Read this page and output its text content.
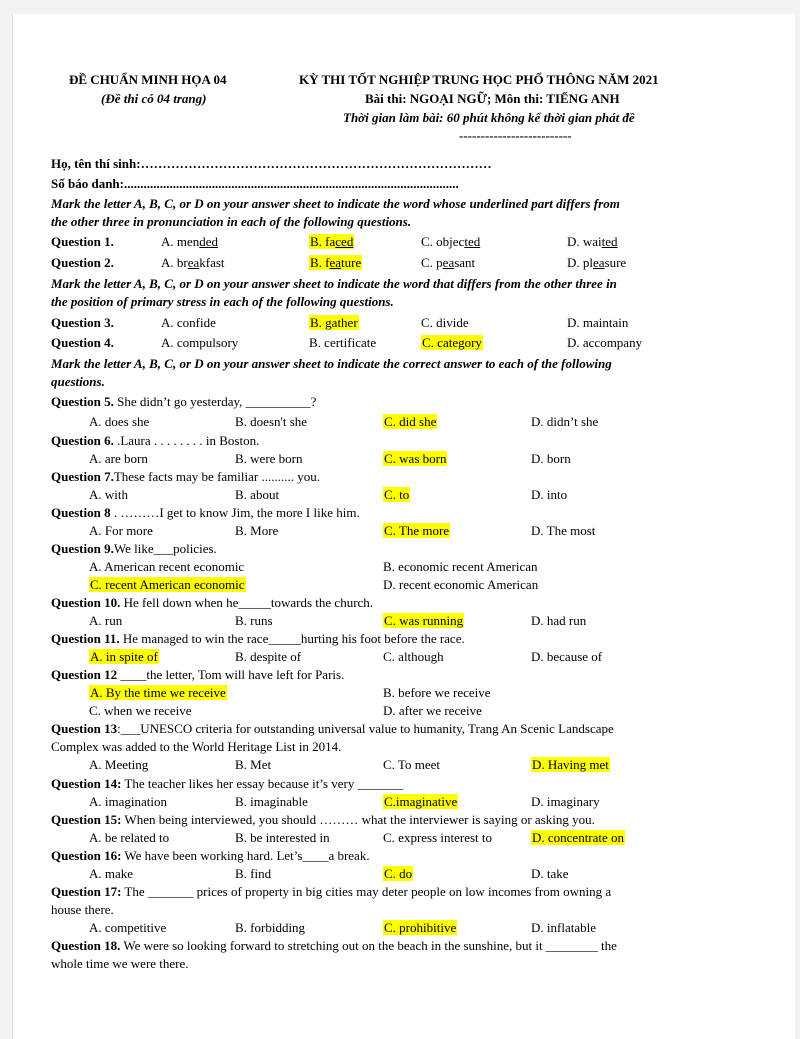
ĐỀ CHUẨN MINH HỌA 04
(Đề thi có 04 trang)
KỲ THI TỐT NGHIỆP TRUNG HỌC PHỔ THÔNG NĂM 2021
Bài thi: NGOẠI NGỮ; Môn thi: TIẾNG ANH
Thời gian làm bài: 60 phút không kể thời gian phát đề
--------------------------
Họ, tên thí sinh:………………………………………………………………………
Số báo danh:.......................................................................................................
Mark the letter A, B, C, or D on your answer sheet to indicate the word whose underlined part differs from
the other three in pronunciation in each of the following questions.
Question 1.	A. mended	B. faced	C. objected	D. waited
Question 2.	A. breakfast	B. feature	C. peasant	D. pleasure
Mark the letter A, B, C, or D on your answer sheet to indicate the word that differs from the other three in
the position of primary stress in each of the following questions.
Question 3.	A. confide	B. gather	C. divide	D. maintain
Question 4.	A. compulsory	B. certificate	C. category	D. accompany
Mark the letter A, B, C, or D on your answer sheet to indicate the correct answer to each of the following
questions.
Question 5. She didn’t go yesterday, __________?
A. does she	B. doesn't she	C. did she	D. didn’t she
Question 6. .Laura . . . . . . . . in Boston.
A. are born	B. were born	C. was born	D. born
Question 7.These facts may be familiar .......... you.
A. with	B. about	C. to	D. into
Question 8 . ………I get to know Jim, the more I like him.
A. For more	B. More	C. The more	D. The most
Question 9.We like___policies.
A. American recent economic	B. economic recent American
C. recent American economic	D. recent economic American
Question 10. He fell down when he_____towards the church.
A. run	B. runs	C. was running	D. had run
Question 11. He managed to win the race_____hurting his foot before the race.
A. in spite of	B. despite of	C. although	D. because of
Question 12 ____the letter, Tom will have left for Paris.
A. By the time we receive	B. before we receive
C. when we receive	D. after we receive
Question 13:___UNESCO criteria for outstanding universal value to humanity, Trang An Scenic Landscape
Complex was added to the World Heritage List in 2014.
A. Meeting	B. Met	C. To meet	D. Having met
Question 14: The teacher likes her essay because it’s very _______
A. imagination	B. imaginable	C.imaginative	D. imaginary
Question 15: When being interviewed, you should ……… what the interviewer is saying or asking you.
A. be related to	B. be interested in	C. express interest to	D. concentrate on
Question 16: We have been working hard. Let’s____a break.
A. make	B. find	C. do	D. take
Question 17: The _______ prices of property in big cities may deter people on low incomes from owning a
house there.
A. competitive	B. forbidding	C. prohibitive	D. inflatable
Question 18. We were so looking forward to stretching out on the beach in the sunshine, but it ________ the
whole time we were there.
